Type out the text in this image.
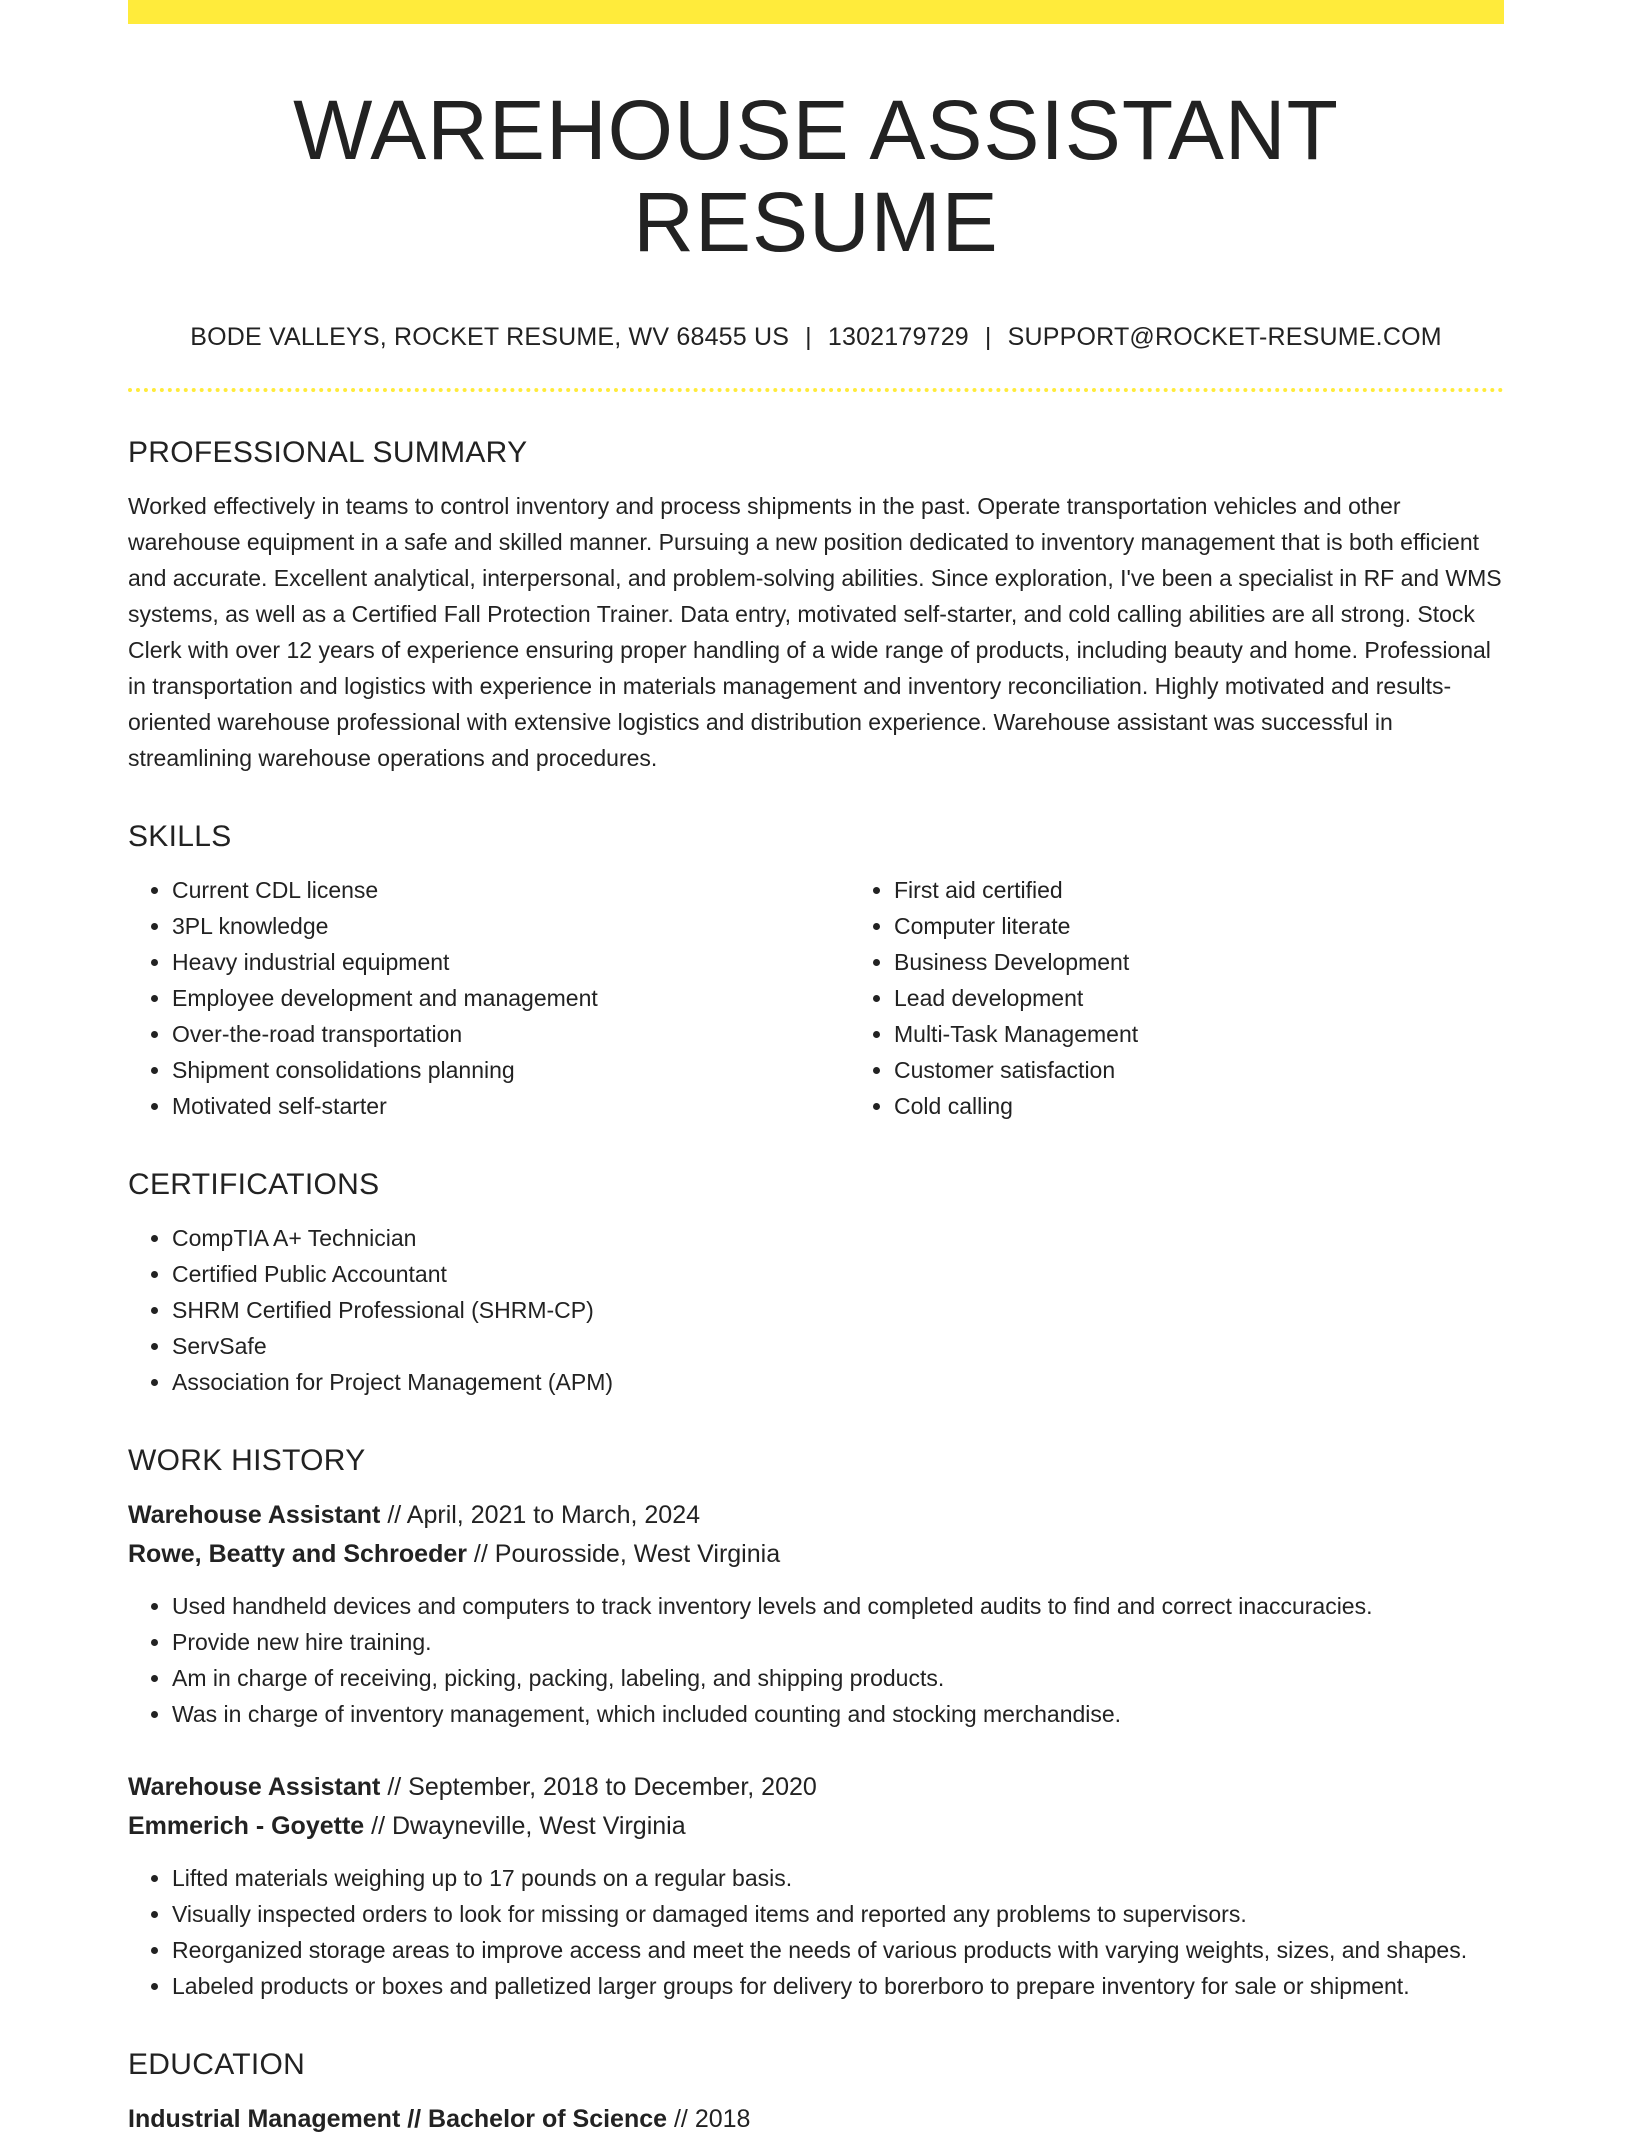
WAREHOUSE ASSISTANT RESUME
BODE VALLEYS, ROCKET RESUME, WV 68455 US | 1302179729 | SUPPORT@ROCKET-RESUME.COM
PROFESSIONAL SUMMARY

Worked effectively in teams to control inventory and process shipments in the past. Operate transportation vehicles and other warehouse equipment in a safe and skilled manner. Pursuing a new position dedicated to inventory management that is both efficient and accurate. Excellent analytical, interpersonal, and problem-solving abilities. Since exploration, I've been a specialist in RF and WMS systems, as well as a Certified Fall Protection Trainer. Data entry, motivated self-starter, and cold calling abilities are all strong. Stock Clerk with over 12 years of experience ensuring proper handling of a wide range of products, including beauty and home. Professional in transportation and logistics with experience in materials management and inventory reconciliation. Highly motivated and results-oriented warehouse professional with extensive logistics and distribution experience. Warehouse assistant was successful in streamlining warehouse operations and procedures.

SKILLS
• Current CDL license
• 3PL knowledge
• Heavy industrial equipment
• Employee development and management
• Over-the-road transportation
• Shipment consolidations planning
• Motivated self-starter
• First aid certified
• Computer literate
• Business Development
• Lead development
• Multi-Task Management
• Customer satisfaction
• Cold calling
CERTIFICATIONS
• CompTIA A+ Technician
• Certified Public Accountant
• SHRM Certified Professional (SHRM-CP)
• ServSafe
• Association for Project Management (APM)
WORK HISTORY

Warehouse Assistant // April, 2021 to March, 2024

Rowe, Beatty and Schroeder // Pourosside, West Virginia

• Used handheld devices and computers to track inventory levels and completed audits to find and correct inaccuracies.
• Provide new hire training.
• Am in charge of receiving, picking, packing, labeling, and shipping products.
• Was in charge of inventory management, which included counting and stocking merchandise.

Warehouse Assistant // September, 2018 to December, 2020

Emmerich - Goyette // Dwayneville, West Virginia

• Lifted materials weighing up to 17 pounds on a regular basis.
• Visually inspected orders to look for missing or damaged items and reported any problems to supervisors.
• Reorganized storage areas to improve access and meet the needs of various products with varying weights, sizes, and shapes.
• Labeled products or boxes and palletized larger groups for delivery to borerboro to prepare inventory for sale or shipment.
EDUCATION

Industrial Management // Bachelor of Science // 2018
